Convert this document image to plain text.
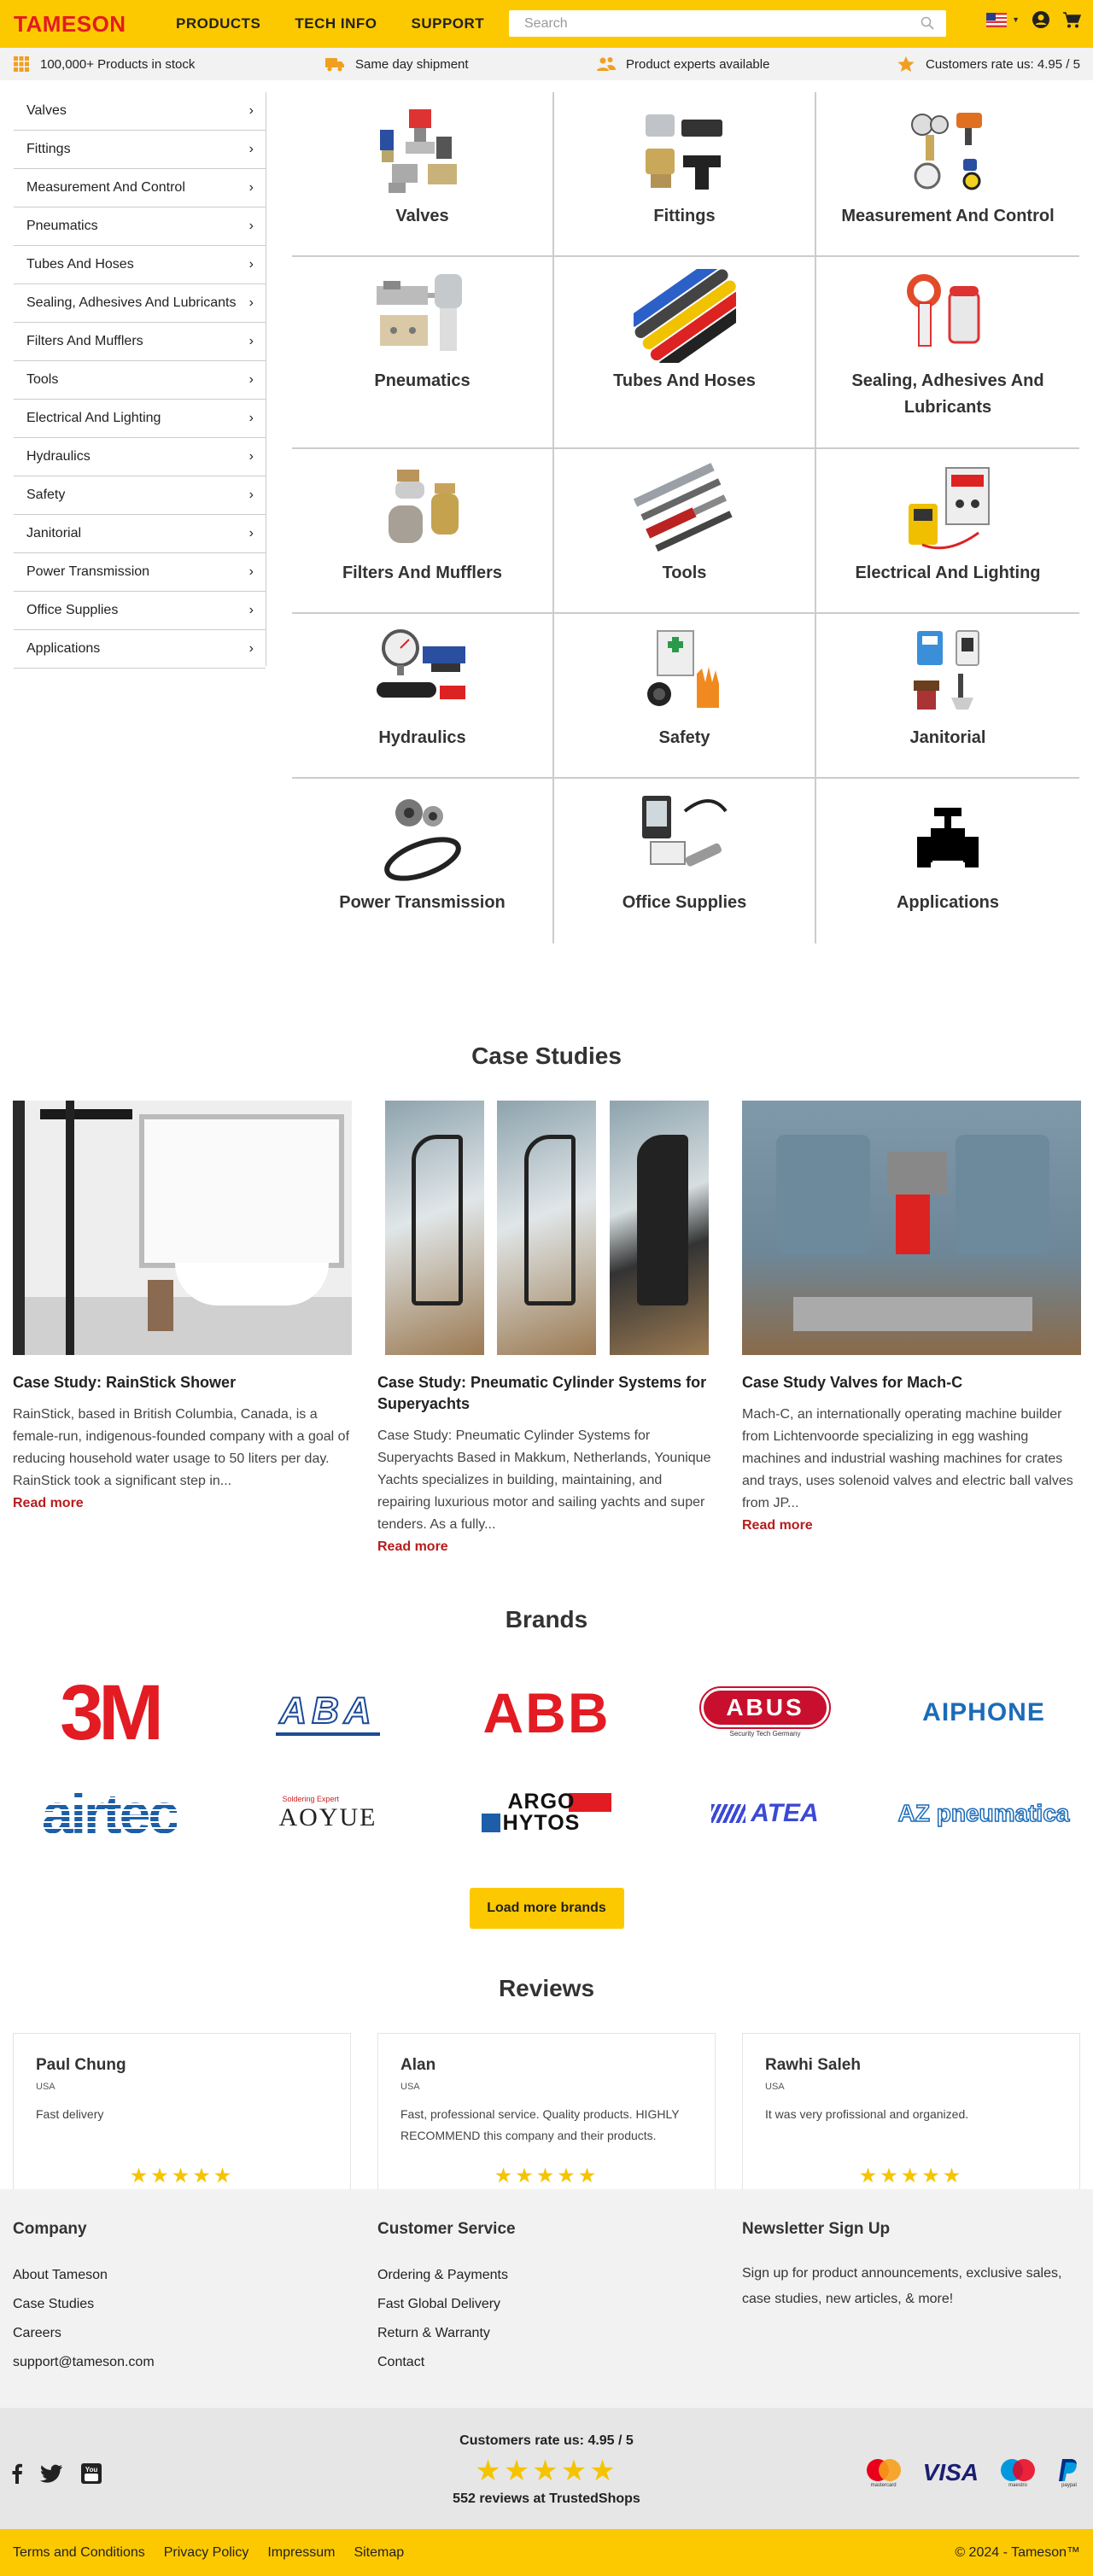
TAMESON	PRODUCTS TECH INFO SUPPORT	Search	▼
100,000+ Products in stock	Same day shipment	Product experts available	Customers rate us: 4.95 / 5
Valves	›
Fittings	›
Measurement And Control	›
Pneumatics	›
Tubes And Hoses	›
Sealing, Adhesives And Lubricants ›
Filters And Mufflers	›
Tools	›
Electrical And Lighting	›
Hydraulics	›
Safety	›
Janitorial	›
Power Transmission	›
Office Supplies	›
Applications	›
Valves	Fittings	Measurement And Control
Pneumatics	Tubes And Hoses	Sealing, Adhesives And Lubricants
Filters And Mufflers	Tools	Electrical And Lighting
Hydraulics	Safety	Janitorial
Power Transmission	Office Supplies	Applications
Case Studies
Case Study: RainStick Shower

RainStick, based in British Columbia, Canada, is a female-run, indigenous-founded company with a goal of reducing household water usage to 50 liters per day. RainStick took a significant step in...

Read more
Case Study: Pneumatic Cylinder Systems for Superyachts

Case Study: Pneumatic Cylinder Systems for Superyachts Based in Makkum, Netherlands, Younique Yachts specializes in building, maintaining, and repairing luxurious motor and sailing yachts and super tenders. As a fully...

Read more
Case Study Valves for Mach-C

Mach-C, an internationally operating machine builder from Lichtenvoorde specializing in egg washing machines and industrial washing machines for crates and trays, uses solenoid valves and electric ball valves from JP...

Read more
Brands
3M	ABA ABB	ABUS
Security Tech Germany
AIPHONE
airtec	Soldering Expert
AOYUE
ARGO HYTOS	ATEA	AZ pneumatica
Load more brands
Reviews
Paul Chung
USA
Fast delivery
★★★★★
Alan
USA
Fast, professional service. Quality products. HIGHLY RECOMMEND this company and their products.
★★★★★
Rawhi Saleh
USA
It was very profissional and organized.
★★★★★
Company
About Tameson
Case Studies
Careers
support@tameson.com
Customer Service
Ordering & Payments
Fast Global Delivery
Return & Warranty
Contact
Newsletter Sign Up

Sign up for product announcements, exclusive sales, case studies, new articles, & more!

You
Customers rate us: 4.95 / 5
★★★★★
552 reviews at TrustedShops
mastercard VISA	maestro	paypal
Terms and Conditions Privacy Policy Impressum Sitemap	© 2024 - Tameson™
